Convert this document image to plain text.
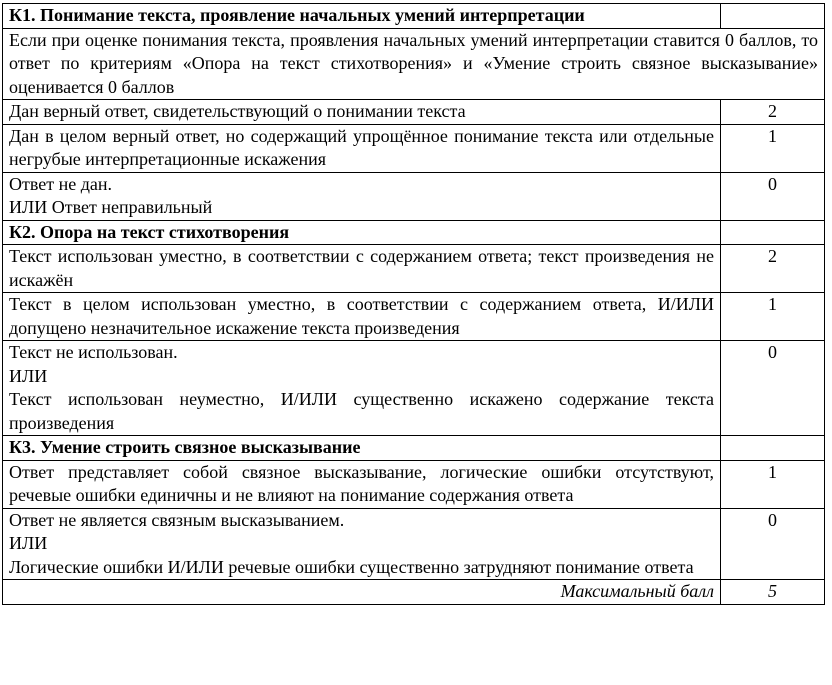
К1. Понимание текста, проявление начальных умений интерпретации	
Если при оценке понимания текста, проявления начальных умений интерпретации ставится 0 баллов, то ответ по критериям «Опора на текст стихотворения» и «Умение строить связное высказывание» оценивается 0 баллов	

Дан верный ответ, свидетельствующий о понимании текста	2

Дан в целом верный ответ, но содержащий упрощённое понимание текста или отдельные негрубые интерпретационные искажения	1

Ответ не дан.
ИЛИ Ответ неправильный	0
К2. Опора на текст стихотворения	

Текст использован уместно, в соответствии с содержанием ответа; текст произведения не искажён	2

Текст в целом использован уместно, в соответствии с содержанием ответа, И/ИЛИ допущено незначительное искажение текста произведения	1

Текст не использован.
ИЛИ
Текст использован неуместно, И/ИЛИ существенно искажено содержание текста произведения	0
К3. Умение строить связное высказывание	

Ответ представляет собой связное высказывание, логические ошибки отсутствуют, речевые ошибки единичны и не влияют на понимание содержания ответа	1

Ответ не является связным высказыванием.
ИЛИ
Логические ошибки И/ИЛИ речевые ошибки существенно затрудняют понимание ответа	0
Максимальный балл	5
